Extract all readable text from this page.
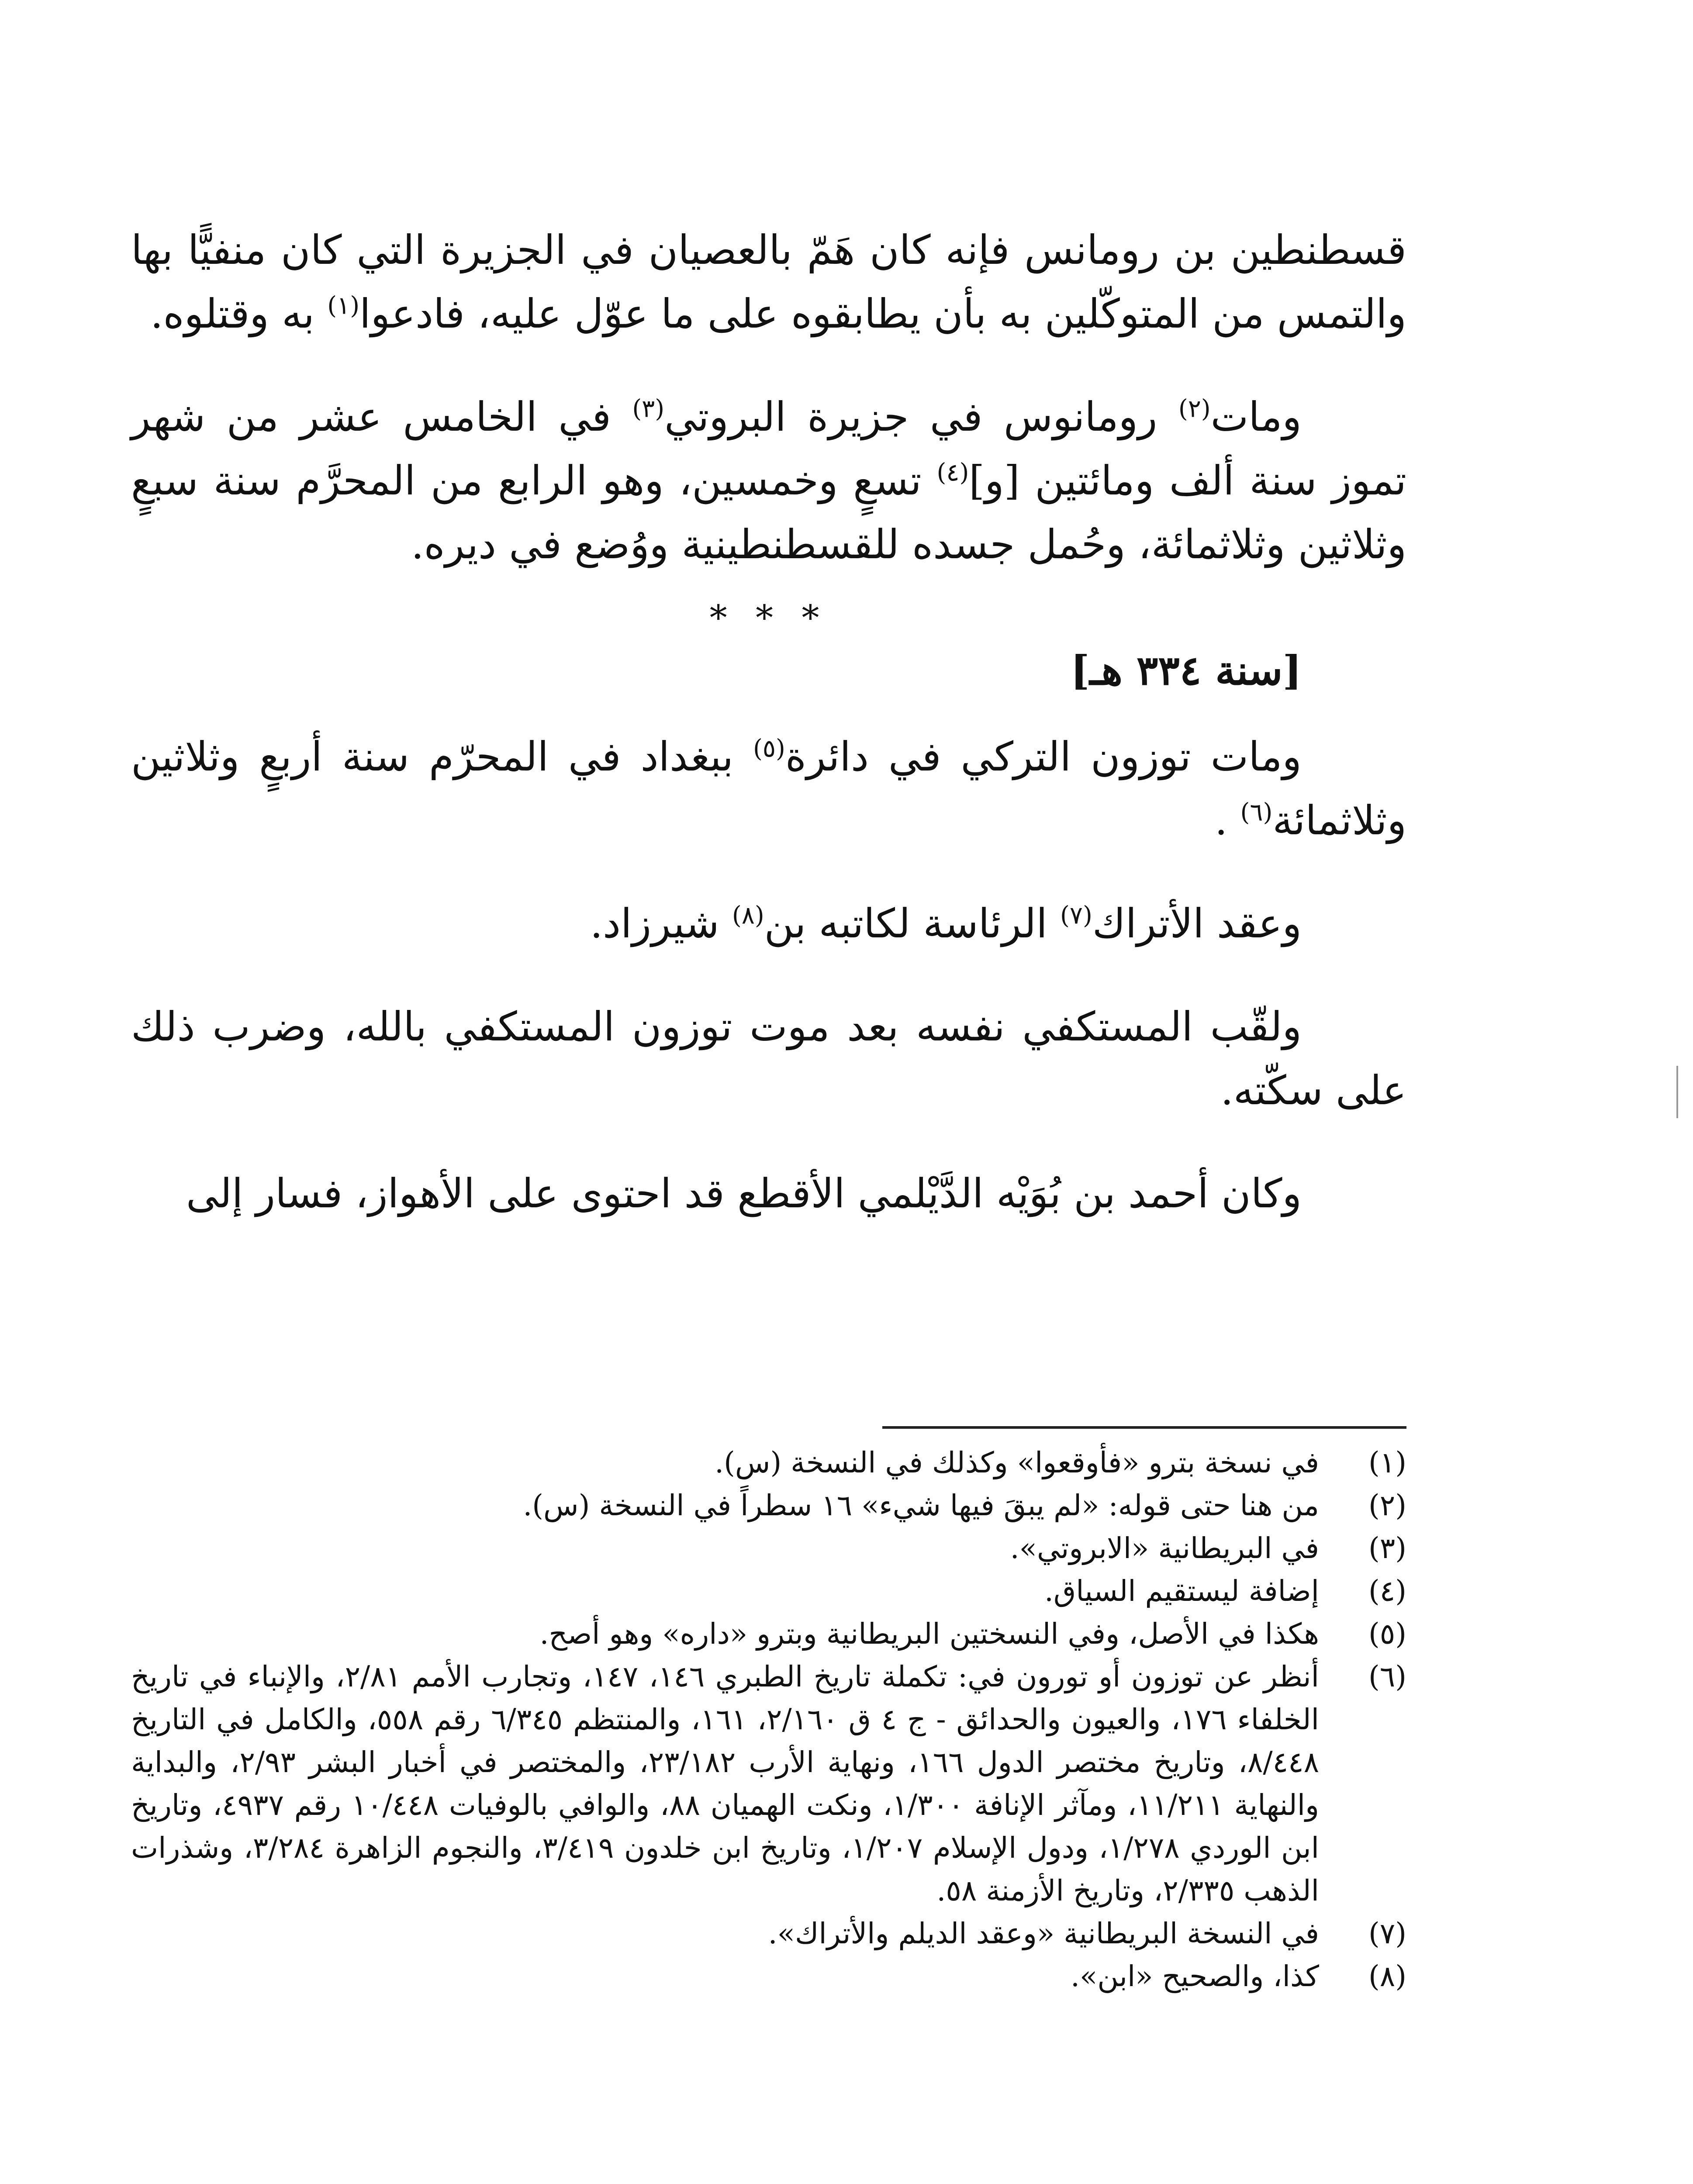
قسطنطين بن رومانس فإنه كان هَمّ بالعصيان في الجزيرة التي كان منفيًّا بها والتمس من المتوكّلين به بأن يطابقوه على ما عوّل عليه، فادعوا$^{(١)}$ به وقتلوه.

ومات$^{(٢)}$ رومانوس في جزيرة البروتي$^{(٣)}$ في الخامس عشر من شهر تموز سنة ألف ومائتين [و]$^{(٤)}$ تسعٍ وخمسين، وهو الرابع من المحرَّم سنة سبعٍ وثلاثين وثلاثمائة، وحُمل جسده للقسطنطينية ووُضع في ديره.

* * *
[سنة ٣٣٤ هـ]

ومات توزون التركي في دائرة$^{(٥)}$ ببغداد في المحرّم سنة أربعٍ وثلاثين وثلاثمائة$^{(٦)}$ .

وعقد الأتراك$^{(٧)}$ الرئاسة لكاتبه بن$^{(٨)}$ شيرزاد.

ولقّب المستكفي نفسه بعد موت توزون المستكفي بالله، وضرب ذلك على سكّته.

وكان أحمد بن بُوَيْه الدَّيْلمي الأقطع قد احتوى على الأهواز، فسار إلى

(١)
في نسخة بترو «فأوقعوا» وكذلك في النسخة (س).
(٢)
من هنا حتى قوله: «لم يبقَ فيها شيء» ١٦ سطراً في النسخة (س).
(٣)
في البريطانية «الابروتي».
(٤)
إضافة ليستقيم السياق.
(٥)
هكذا في الأصل، وفي النسختين البريطانية وبترو «داره» وهو أصح.
(٦)
أنظر عن توزون أو تورون في: تكملة تاريخ الطبري ١٤٦، ١٤٧، وتجارب الأمم ٢/٨١، والإنباء في تاريخ الخلفاء ١٧٦، والعيون والحدائق - ج ٤ ق ٢/١٦٠، ١٦١، والمنتظم ٦/٣٤٥ رقم ٥٥٨، والكامل في التاريخ ٨/٤٤٨، وتاريخ مختصر الدول ١٦٦، ونهاية الأرب ٢٣/١٨٢، والمختصر في أخبار البشر ٢/٩٣، والبداية والنهاية ١١/٢١١، ومآثر الإنافة ١/٣٠٠، ونكت الهميان ٨٨، والوافي بالوفيات ١٠/٤٤٨ رقم ٤٩٣٧، وتاريخ ابن الوردي ١/٢٧٨، ودول الإسلام ١/٢٠٧، وتاريخ ابن خلدون ٣/٤١٩، والنجوم الزاهرة ٣/٢٨٤، وشذرات الذهب ٢/٣٣٥، وتاريخ الأزمنة ٥٨.
(٧)
في النسخة البريطانية «وعقد الديلم والأتراك».
(٨)
كذا، والصحيح «ابن».
